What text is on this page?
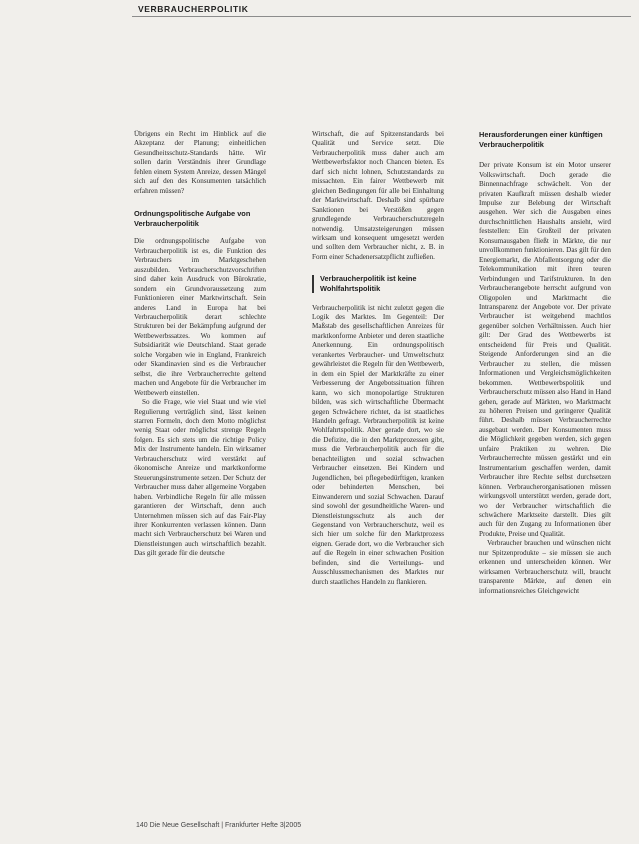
VERBRAUCHERPOLITIK

Übrigens ein Recht im Hinblick auf die Akzeptanz der Planung; einheitlichen Gesundheitsschutz-Standards hätte. Wir sollen darin Verständnis ihrer Grundlage fehlen einem System Anreize, dessen Mängel sich auf den des Konsumenten tatsächlich erfahren müssen?

Ordnungspolitische Aufgabe von Verbraucherpolitik

Die ordnungspolitische Aufgabe von Verbraucherpolitik ist es, die Funktion des Verbrauchers im Marktgeschehen auszubilden. Verbraucherschutzvorschriften sind daher kein Ausdruck von Bürokratie, sondern ein Grundvoraussetzung zum Funktionieren einer Marktwirtschaft. Sein anderes Land in Europa hat bei Verbraucherpolitik derart schlechte Strukturen bei der Bekämpfung aufgrund der Wettbewerbssatzes. Wo kommen auf Subsidiarität wie Deutschland. Staat gerade solche Vorgaben wie in England, Frankreich oder Skandinavien sind es die Verbraucher selbst, die ihre Verbraucherrechte geltend machen und Angebote für die Verbraucher im Wettbewerb einstellen.

So die Frage, wie viel Staat und wie viel Regulierung verträglich sind, lässt keinen starren Formeln, doch dem Motto möglichst wenig Staat oder möglichst strenge Regeln folgen. Es sich stets um die richtige Policy Mix der Instrumente handeln. Ein wirksamer Verbraucherschutz wird verstärkt auf ökonomische Anreize und marktkonforme Steuerungsinstrumente setzen. Der Schutz der Verbraucher muss daher allgemeine Vorgaben haben. Verbindliche Regeln für alle müssen garantieren der Wirtschaft, denn auch Unternehmen müssen sich auf das Fair-Play ihrer Konkurrenten verlassen können. Dann macht sich Verbraucherschutz bei Waren und Dienstleistungen auch wirtschaftlich bezahlt. Das gilt gerade für die deutsche

Wirtschaft, die auf Spitzenstandards bei Qualität und Service setzt. Die Verbraucherpolitik muss daher auch am Wettbewerbsfaktor noch Chancen bieten. Es darf sich nicht lohnen, Schutzstandards zu missachten. Ein fairer Wettbewerb mit gleichen Bedingungen für alle bei Einhaltung der Marktwirtschaft. Deshalb sind spürbare Sanktionen bei Verstößen gegen grundlegende Verbraucherschutzregeln notwendig. Umsatzsteigerungen müssen wirksam und konsequent umgesetzt werden und sollten dem Verbraucher nicht, z. B. in Form einer Schadenersatzpflicht zufließen.

Verbraucherpolitik ist keine Wohlfahrtspolitik

Verbraucherpolitik ist nicht zuletzt gegen die Logik des Marktes. Im Gegenteil: Der Maßstab des gesellschaftlichen Anreizes für marktkonforme Anbieter und deren staatliche Anerkennung. Ein ordnungspolitisch verankertes Verbraucher- und Umweltschutz gewährleistet die Regeln für den Wettbewerb, in dem ein Spiel der Marktkräfte zu einer Verbesserung der Angebotssituation führen kann, wo sich monopolartige Strukturen bilden, was sich wirtschaftliche Übermacht gegen Schwächere richtet, da ist staatliches Handeln gefragt. Verbraucherpolitik ist keine Wohlfahrtspolitik. Aber gerade dort, wo sie die Defizite, die in den Marktprozessen gibt, muss die Verbraucherpolitik auch für die benachteiligten und sozial schwachen Verbraucher einsetzen. Bei Kindern und Jugendlichen, bei pflegebedürftigen, kranken oder behinderten Menschen, bei Einwanderern und sozial Schwachen. Darauf sind sowohl der gesundheitliche Waren- und Dienstleistungsschutz als auch der Gegenstand von Verbraucherschutz, weil es sich hier um solche für den Marktprozess eignen. Gerade dort, wo die Verbraucher sich auf die Regeln in einer schwachen Position befinden, sind die Verteilungs- und Ausschlussmechanismen des Marktes nur durch staatliches Handeln zu flankieren.

Herausforderungen einer künftigen Verbraucherpolitik

Der private Konsum ist ein Motor unserer Volkswirtschaft. Doch gerade die Binnennachfrage schwächelt. Von der privaten Kaufkraft müssen deshalb wieder Impulse zur Belebung der Wirtschaft ausgehen. Wer sich die Ausgaben eines durchschnittlichen Haushalts ansieht, wird feststellen: Ein Großteil der privaten Konsumausgaben fließt in Märkte, die nur unvollkommen funktionieren. Das gilt für den Energiemarkt, die Abfallentsorgung oder die Telekommunikation mit ihren teuren Verbindungen und Tarifstrukturen. In den Verbraucherangebote herrscht aufgrund von Oligopolen und Marktmacht die Intransparenz der Angebote vor. Der private Verbraucher ist weitgehend machtlos gegenüber solchen Verhältnissen. Auch hier gilt: Der Grad des Wettbewerbs ist entscheidend für Preis und Qualität. Steigende Anforderungen sind an die Verbraucher zu stellen, die müssen Informationen und Vergleichsmöglichkeiten bekommen. Wettbewerbspolitik und Verbraucherschutz müssen also Hand in Hand gehen, gerade auf Märkten, wo Marktmacht zu höheren Preisen und geringerer Qualität führt. Deshalb müssen Verbraucherrechte ausgebaut werden. Der Konsumenten muss die Möglichkeit gegeben werden, sich gegen unfaire Praktiken zu wehren. Die Verbraucherrechte müssen gestärkt und ein Instrumentarium geschaffen werden, damit Verbraucher ihre Rechte selbst durchsetzen können. Verbraucherorganisationen müssen wirkungsvoll unterstützt werden, gerade dort, wo der Verbraucher wirtschaftlich die schwächere Marktseite darstellt. Dies gilt auch für den Zugang zu Informationen über Produkte, Preise und Qualität.

Verbraucher brauchen und wünschen nicht nur Spitzenprodukte – sie müssen sie auch erkennen und unterscheiden können. Wer wirksamen Verbraucherschutz will, braucht transparente Märkte, auf denen ein informationsreiches Gleichgewicht

140 Die Neue Gesellschaft | Frankfurter Hefte 3|2005
